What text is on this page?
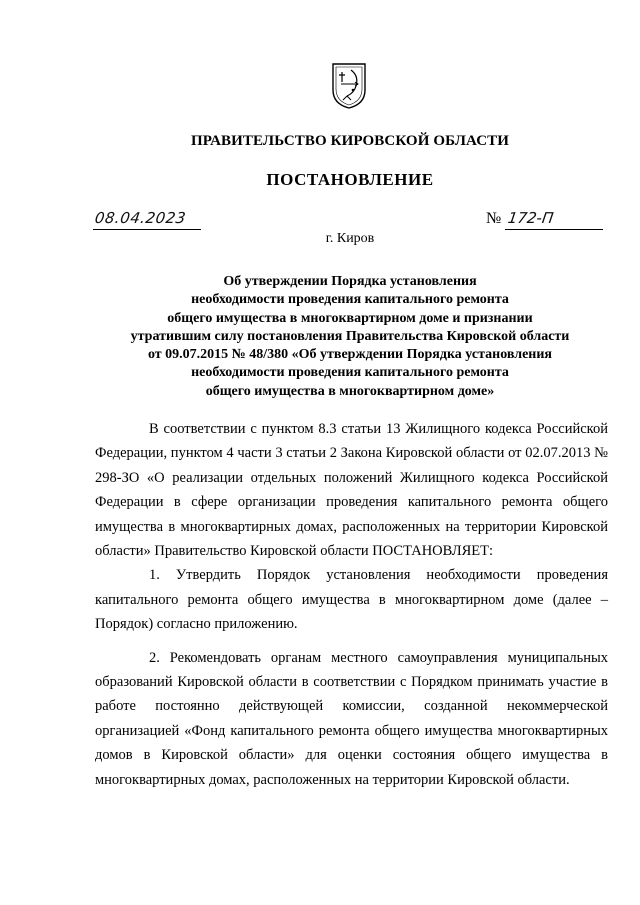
ПРАВИТЕЛЬСТВО КИРОВСКОЙ ОБЛАСТИ
ПОСТАНОВЛЕНИЕ
08.04.2023	№ 172-П
г. Киров
Об утверждении Порядка установления
необходимости проведения капитального ремонта
общего имущества в многоквартирном доме и признании
утратившим силу постановления Правительства Кировской области
от 09.07.2015 № 48/380 «Об утверждении Порядка установления
необходимости проведения капитального ремонта
общего имущества в многоквартирном доме»

В соответствии с пунктом 8.3 статьи 13 Жилищного кодекса Российской Федерации, пунктом 4 части 3 статьи 2 Закона Кировской области от 02.07.2013 № 298-ЗО «О реализации отдельных положений Жилищного кодекса Российской Федерации в сфере организации проведения капитального ремонта общего имущества в многоквартирных домах, расположенных на территории Кировской области» Правительство Кировской области ПОСТАНОВЛЯЕТ:

1. Утвердить Порядок установления необходимости проведения капитального ремонта общего имущества в многоквартирном доме (далее – Порядок) согласно приложению.

2. Рекомендовать органам местного самоуправления муниципальных образований Кировской области в соответствии с Порядком принимать участие в работе постоянно действующей комиссии, созданной некоммерческой организацией «Фонд капитального ремонта общего имущества многоквартирных домов в Кировской области» для оценки состояния общего имущества в многоквартирных домах, расположенных на территории Кировской области.
